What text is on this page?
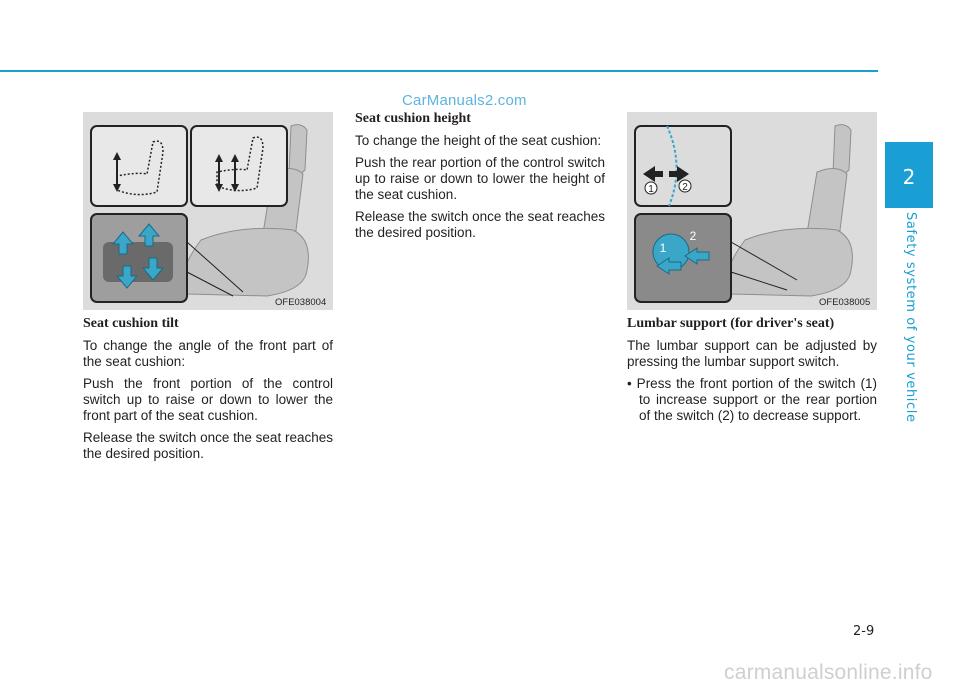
CarManuals2.com
OFE038004
1	2
1
2
OFE038005
Seat cushion tilt
To change the angle of the front part of the seat cushion:
Push the front portion of the control switch up to raise or down to lower the front part of the seat cushion.
Release the switch once the seat reaches the desired position.
Seat cushion height
To change the height of the seat cushion:
Push the rear portion of the control switch up to raise or down to lower the height of the seat cushion.
Release the switch once the seat reaches the desired position.
Lumbar support (for driver's seat)
The lumbar support can be adjusted by pressing the lumbar support switch.
• Press the front portion of the switch (1) to increase support or the rear portion of the switch (2) to decrease support.
2
Safety system of your vehicle
2-9
carmanualsonline.info
